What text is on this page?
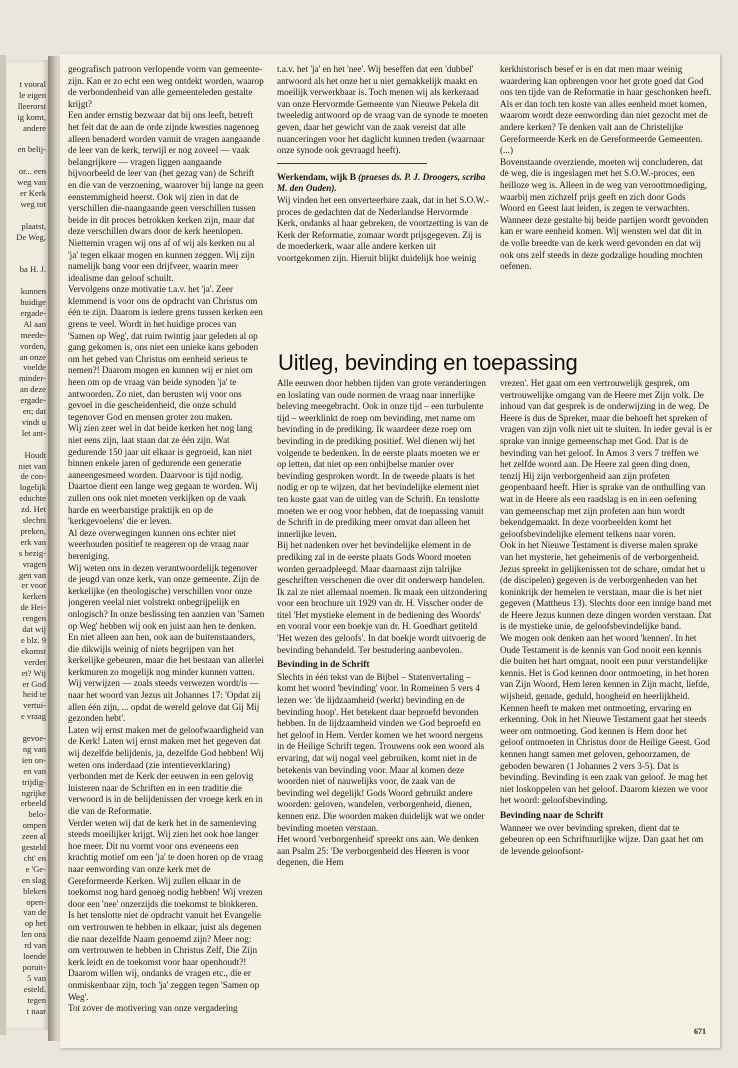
t vooral
le eigen
lleerorst
ig komt,
andere
en belij-
or... een
weg van
er Kerk
weg tot
plaatst,
De Weg,
ba H. J.
kunnen
huidige
ergade-
Al aan
meede-
vorden,
an onze
voelde
minder-
an deze
ergade-
en; dat
vindt u
let ant-
Houdt
niet van
de con-
logelijk
educhte
zd. Het
slechts
preken,
erk van
s bezig-
vragen
gen van
er voor
kerken
de Hei-
rengen
dat wij
e blz. 9
ekomst
verder
et? Wij
er God
heid te
vertui-
e vraag
gevoe-
ng van
ien on-
en van
trijdig-
ngrijke
erbeeld
belo-
ompen
zeen al
gesteld
cht' en
e 'Ge-
en slag
bleken
open-
van de
op het
len ons
rd van
loende
poruit-
5 van
esteld.
tegen
t naar

geografisch patroon verlopende vorm van gemeente-zijn. Kan er zo echt een weg ontdekt worden, waarop de verbondenheid van alle gemeenteleden gestalte krijgt?

Een ander ernstig bezwaar dat bij ons leeft, betreft het feit dat de aan de orde zijnde kwesties nagenoeg alleen benaderd worden vanuit de vragen aangaande de leer van de kerk, terwijl er nog zoveel — vaak belangrijkere — vragen liggen aangaande bijvoorbeeld de leer van (het gezag van) de Schrift en die van de verzoening, waarover bij lange na geen eenstemmigheid heerst. Ook wij zien in dat de verschillen die-naangaande geen verschillen tussen beide in dit proces betrokken kerken zijn, maar dat deze verschillen dwars door de kerk heenlopen. Niettemin vragen wij ons af of wij als kerken nu al 'ja' tegen elkaar mogen en kunnen zeggen. Wij zijn namelijk bang voor een drijfveer, waarin meer idealisme dan geloof schuilt.

Vervolgens onze motivatie t.a.v. het 'ja'. Zeer klemmend is voor ons de opdracht van Christus om één te zijn. Daarom is iedere grens tussen kerken een grens te veel. Wordt in het huidige proces van 'Samen op Weg', dat ruim twintig jaar geleden al op gang gekomen is, ons niet een unieke kans geboden om het gebed van Christus om eenheid serieus te nemen?! Daarom mogen en kunnen wij er niet om heen om op de vraag van beide synoden 'ja' te antwoorden. Zo niet, dan berusten wij voor ons gevoel in die gescheidenheid, die onze schuld tegenover God en mensen groter zou maken.

Wij zien zeer wel in dat beide kerken het nog lang niet eens zijn, laat staan dat ze één zijn. Wat gedurende 150 jaar uit elkaar is gegroeid, kan niet binnen enkele jaren of gedurende een generatie aaneengesmeed worden. Daarvoor is tijd nodig. Daartoe dient een lange weg gegaan te worden. Wij zullen ons ook niet moeten verkijken op de vaak harde en weerbarstige praktijk en op de 'kerkgevoelens' die er leven.

Al deze overwegingen kunnen ons echter niet weerhouden positief te reageren op de vraag naar hereniging.

Wij weten ons in dezen verantwoordelijk tegenover de jeugd van onze kerk, van onze gemeente. Zijn de kerkelijke (en theologische) verschillen voor onze jongeren veelal niet volstrekt onbegrijpelijk en onlogisch? In onze beslissing ten aanzien van 'Samen op Weg' hebben wij ook en juist aan hen te denken. En niet alleen aan hen, ook aan de buitenstaanders, die dikwijls weinig of niets begrijpen van het kerkelijke gebeuren, maar die het bestaan van allerlei kerkmuren zo mogelijk nog minder kunnen vatten. Wij verwijzen — zoals steeds verwezen wordt/is — naar het woord van Jezus uit Johannes 17: 'Opdat zij allen één zijn, ... opdat de wereld gelove dat Gij Mij gezonden hebt'.

Laten wij ernst maken met de geloofwaardigheid van de Kerk! Laten wij ernst maken met het gegeven dat wij dezelfde belijdenis, ja, dezelfde God hebben! Wij weten ons inderdaad (zie intentieverklaring) verbonden met de Kerk der eeuwen in een gelovig luisteren naar de Schriften en in een traditie die verwoord is in de belijdenissen der vroege kerk en in die van de Reformatie.

Verder weten wij dat de kerk het in de samenleving steeds moeilijker krijgt. Wij zien het ook hoe langer hoe meer. Dit nu vormt voor ons eveneens een krachtig motief om een 'ja' te doen horen op de vraag naar eenwording van onze kerk met de Gereformeerde Kerken. Wij zullen elkaar in de toekomst nog hard genoeg nodig hebben! Wij vrezen door een 'nee' onzerzijds die toekomst te blokkeren.

Is het tenslotte niet de opdracht vanuit het Evangelie om vertrouwen te hebben in elkaar, juist als degenen die naar dezelfde Naam genoemd zijn? Meer nog: om vertrouwen te hebben in Christus Zelf, Die Zijn kerk leidt en de toekomst voor haar openhoudt?!

Daarom willen wij, ondanks de vragen etc., die er onmiskenbaar zijn, toch 'ja' zeggen tegen 'Samen op Weg'.

Tot zover de motivering van onze vergadering

t.a.v. het 'ja' en het 'nee'. Wij beseffen dat een 'dubbel' antwoord als het onze het u niet gemakkelijk maakt en moeilijk verwerkbaar is. Toch menen wij als kerkeraad van onze Hervormde Gemeente van Nieuwe Pekela dit tweeledig antwoord op de vraag van de synode te moeten geven, daar het gewicht van de zaak vereist dat alle nuanceringen voor het daglicht kunnen treden (waarnaar onze synode ook gevraagd heeft).

Werkendam, wijk B (praeses ds. P. J. Droogers, scriba M. den Ouden).

Wij vinden het een onverteerbare zaak, dat in het S.O.W.-proces de gedachten dat de Nederlandse Hervormde Kerk, ondanks al haar gebreken, de voortzetting is van de Kerk der Reformatie, zomaar wordt prijsgegeven. Zij is de moederkerk, waar alle andere kerken uit voortgekomen zijn. Hieruit blijkt duidelijk hoe weinig

kerkhistorisch besef er is en dat men maar weinig waardering kan opbrengen voor het grote goed dat God ons ten tijde van de Reformatie in haar geschonken heeft.

Als er dan toch ten koste van alles eenheid moet komen, waarom wordt deze eenwording dan niet gezocht met de andere kerken? Te denken valt aan de Christelijke Gereformeerde Kerk en de Gereformeerde Gemeenten. (...)

Bovenstaande overziende, moeten wij concluderen, dat de weg, die is ingeslagen met het S.O.W.-proces, een heilloze weg is. Alleen in de weg van veroottmoediging, waarbij men zichzelf prijs geeft en zich door Gods Woord en Geest laat leiden, is zegen te verwachten. Wanneer deze gestalte bij beide partijen wordt gevonden kan er ware eenheid komen. Wij wensten wel dat dit in de volle breedte van de kerk werd gevonden en dat wij ook ons zelf steeds in deze godzalige houding mochten oefenen.

Uitleg, bevinding en toepassing

Alle eeuwen door hebben tijden van grote veranderingen en loslating van oude normen de vraag naar innerlijke beleving meegebracht. Ook in onze tijd – een turbulente tijd – weerklinkt de roep om bevinding, met name om bevinding in de prediking. Ik waardeer deze roep om bevinding in de prediking positief. Wel dienen wij het volgende te bedenken. In de eerste plaats moeten we er op letten, dat niet op een onbijbelse manier over bevinding gesproken wordt. In de tweede plaats is het nodig er op te wijzen, dat het bevindelijke element niet ten koste gaat van de uitleg van de Schrift. En tenslotte moeten we er oog voor hebben, dat de toepassing vanuit de Schrift in de prediking meer omvat dan alleen het innerlijke leven.

Bij het nadenken over het bevindelijke element in de prediking zal in de eerste plaats Gods Woord moeten worden geraadpleegd. Maar daarnaast zijn talrijke geschriften verschenen die over dit onderwerp handelen. Ik zal ze niet allemaal noemen. Ik maak een uitzondering voor een brochure uit 1929 van dr. H. Visscher onder de titel 'Het mystieke element in de bediening des Woords' en vooral voor een boekje van dr. H. Goedhart getiteld 'Het wezen des geloofs'. In dat boekje wordt uitvoerig de bevinding behandeld. Ter bestudering aanbevolen.

Bevinding in de Schrift

Slechts in één tekst van de Bijbel – Statenvertaling – komt het woord 'bevinding' voor. In Romeinen 5 vers 4 lezen we: 'de lijdzaamheid (werkt) bevinding en de bevinding hoop'. Het betekent daar beproefd bevonden hebben. In de lijdzaamheid vinden we God beproefd en het geloof in Hem. Verder komen we het woord nergens in de Heilige Schrift tegen. Trouwens ook een woord als ervaring, dat wij nogal veel gebruiken, komt niet in de betekenis van bevinding voor. Maar al komen deze woorden niet of nauwelijks voor, de zaak van de bevinding wel degelijk! Gods Woord gebruikt andere woorden: geloven, wandelen, verborgenheid, dienen, kennen enz. Die woorden maken duidelijk wat we onder bevinding moeten verstaan.

Het woord 'verborgenheid' spreekt ons aan. We denken aan Psalm 25: 'De verborgenheid des Heeren is voor degenen, die Hem

vrezen'. Het gaat om een vertrouwelijk gesprek, om vertrouwelijke omgang van de Heere met Zijn volk. De inhoud van dat gesprek is de onderwijzing in de weg. De Heere is dus de Spreker, maar die behoeft het spreken of vragen van zijn volk niet uit te sluiten. In ieder geval is er sprake van innige gemeenschap met God. Dat is de bevinding van het geloof. In Amos 3 vers 7 treffen we het zelfde woord aan. De Heere zal geen ding doen, tenzij Hij zijn verborgenheid aan zijn profeten geopenbaard heeft. Hier is sprake van de onthulling van wat in de Heere als een raadslag is en in een oefening van gemeenschap met zijn profeten aan hun wordt bekendgemaakt. In deze voorbeelden komt het geloofsbevindelijke element telkens naar voren.

Ook in het Nieuwe Testament is diverse malen sprake van het mysterie, het geheimenis of de verborgenheid. Jezus spreekt in gelijkenissen tot de schare, omdat het u (de discipelen) gegeven is de verborgenheden van het koninkrijk der hemelen te verstaan, maar die is het niet gegeven (Mattheus 13). Slechts door een innige band met de Heere Jezus kunnen deze dingen worden verstaan. Dat is de mystieke unie, de geloofsbevindelijke band.

We mogen ook denken aan het woord 'kennen'. In het Oude Testament is de kennis van God nooit een kennis die buiten het hart omgaat, nooit een puur verstandelijke kennis. Het is God kennen door ontmoeting, in het horen van Zijn Woord, Hem leren kennen in Zijn macht, liefde, wijsheid, genade, geduld, hoogheid en heerlijkheid. Kennen heeft te maken met ontmoeting, ervaring en erkenning. Ook in het Nieuwe Testament gaat het steeds weer om ontmoeting. God kennen is Hem door het geloof ontmoeten in Christus door de Heilige Geest. God kennen hangt samen met geloven, gehoorzamen, de geboden bewaren (1 Johannes 2 vers 3-5). Dat is bevinding. Bevinding is een zaak van geloof. Je mag het niet loskoppelen van het geloof. Daarom kiezen we voor het woord: geloofsbevinding.

Bevinding naar de Schrift

Wanneer we over bevinding spreken, dient dat te gebeuren op een Schriftuurlijke wijze. Dan gaat het om de levende geloofsont-

671
